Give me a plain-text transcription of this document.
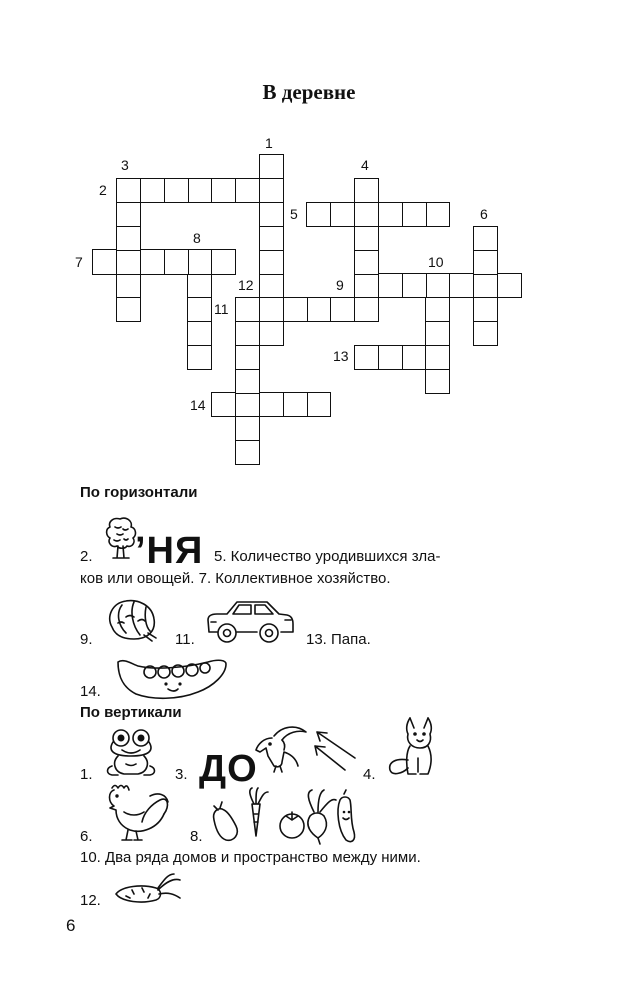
В деревне
1
2
3	4
5	6
7
8
9
10
11
12
13
14
По горизонтали
2. ’НЯ 5. Количество уродившихся зла-
ков или овощей. 7. Коллективное хозяйство.
9.	11.	13. Папа.
14.
По вертикали
1.	3. ДО	4.
6.	8.
10. Два ряда домов и пространство между ними.
12.
6
